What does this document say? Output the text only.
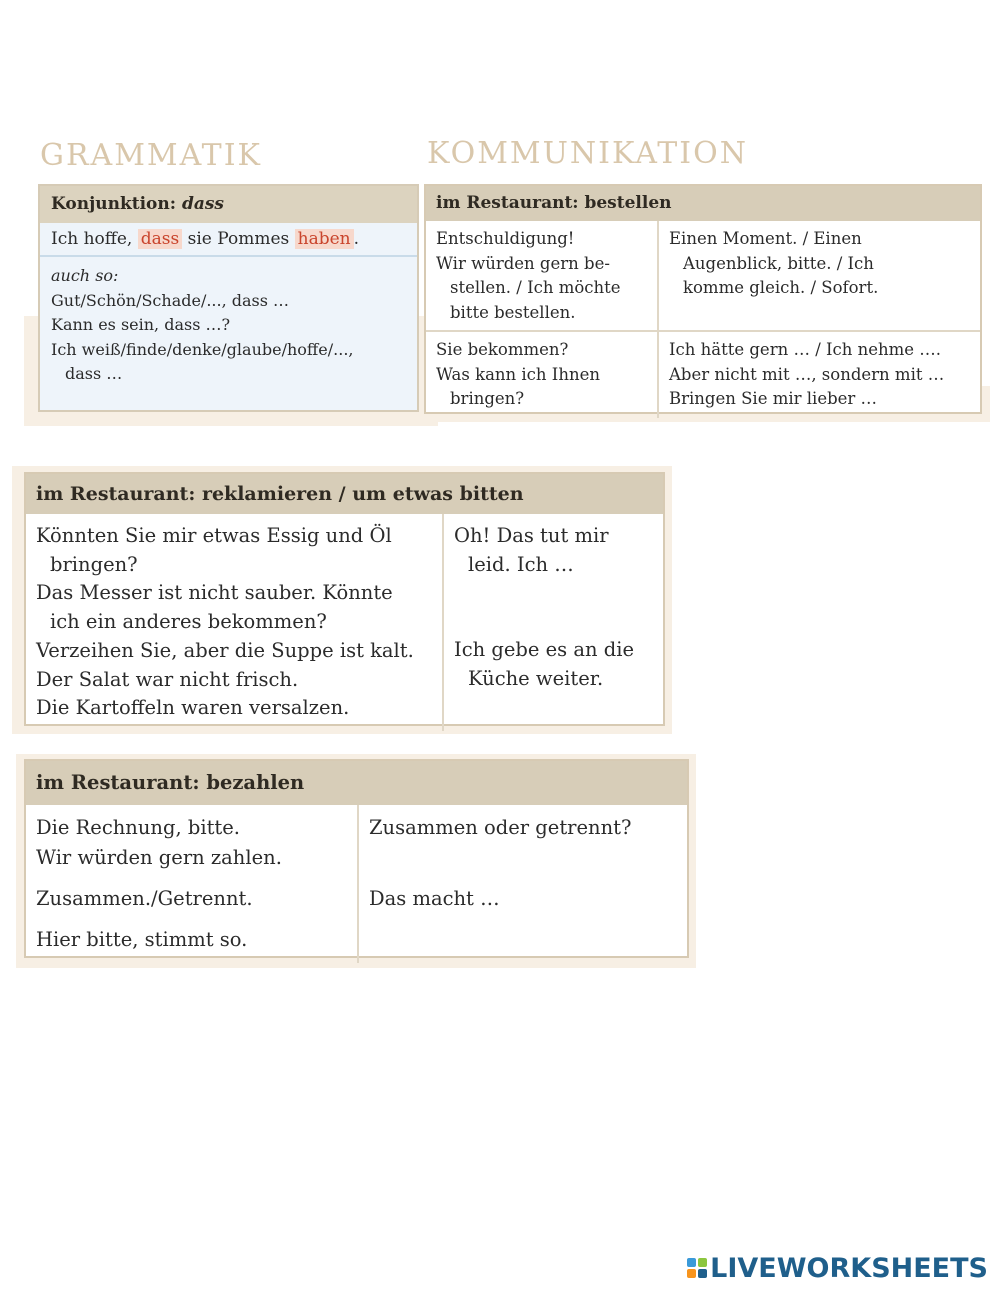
GRAMMATIK	KOMMUNIKATION
Konjunktion: dass
Ich hoffe, dass sie Pommes haben .
auch so:
Gut/Schön/Schade/..., dass …
Kann es sein, dass …?
Ich weiß/finde/denke/glaube/hoffe/...,
dass …
im Restaurant: bestellen
Entschuldigung!
Wir würden gern be-
stellen. / Ich möchte
bitte bestellen.
Einen Moment. / Einen
Augenblick, bitte. / Ich
komme gleich. / Sofort.
Sie bekommen?
Was kann ich Ihnen
bringen?
Ich hätte gern … / Ich nehme ….
Aber nicht mit …, sondern mit …
Bringen Sie mir lieber …
im Restaurant: reklamieren / um etwas bitten
Könnten Sie mir etwas Essig und Öl
bringen?
Das Messer ist nicht sauber. Könnte
ich ein anderes bekommen?
Verzeihen Sie, aber die Suppe ist kalt.
Der Salat war nicht frisch.
Die Kartoffeln waren versalzen.
Oh! Das tut mir
leid. Ich …
Ich gebe es an die
Küche weiter.
im Restaurant: bezahlen
Die Rechnung, bitte.
Wir würden gern zahlen.
Zusammen./Getrennt.
Hier bitte, stimmt so.
Zusammen oder getrennt?
Das macht …
LIVEWORKSHEETS
